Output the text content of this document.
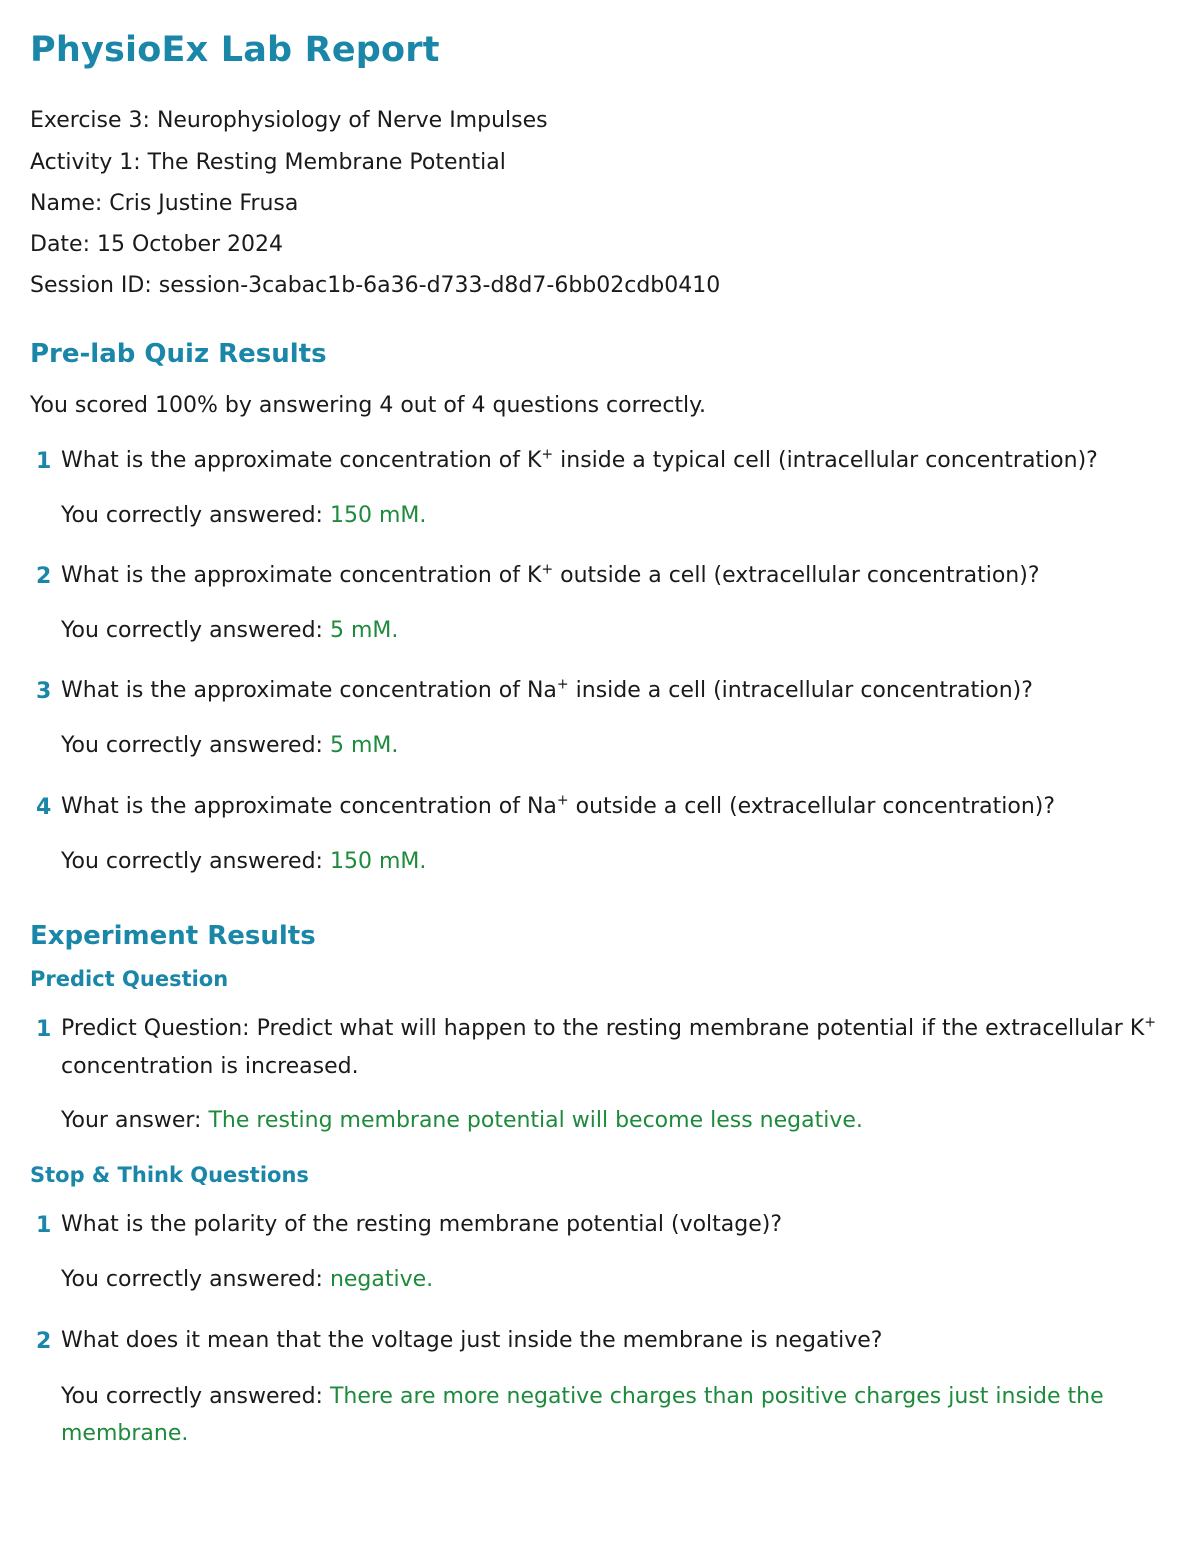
PhysioEx Lab Report
Exercise 3: Neurophysiology of Nerve Impulses
Activity 1: The Resting Membrane Potential
Name: Cris Justine Frusa
Date: 15 October 2024
Session ID: session-3cabac1b-6a36-d733-d8d7-6bb02cdb0410
Pre-lab Quiz Results
You scored 100% by answering 4 out of 4 questions correctly.
1 What is the approximate concentration of K+ inside a typical cell (intracellular concentration)?
You correctly answered: 150 mM.
2 What is the approximate concentration of K+ outside a cell (extracellular concentration)?
You correctly answered: 5 mM.
3 What is the approximate concentration of Na+ inside a cell (intracellular concentration)?
You correctly answered: 5 mM.
4 What is the approximate concentration of Na+ outside a cell (extracellular concentration)?
You correctly answered: 150 mM.
Experiment Results
Predict Question
1 Predict Question: Predict what will happen to the resting membrane potential if the extracellular K+ concentration is increased.
Your answer: The resting membrane potential will become less negative.
Stop & Think Questions
1 What is the polarity of the resting membrane potential (voltage)?
You correctly answered: negative.
2 What does it mean that the voltage just inside the membrane is negative?
You correctly answered: There are more negative charges than positive charges just inside the membrane.
